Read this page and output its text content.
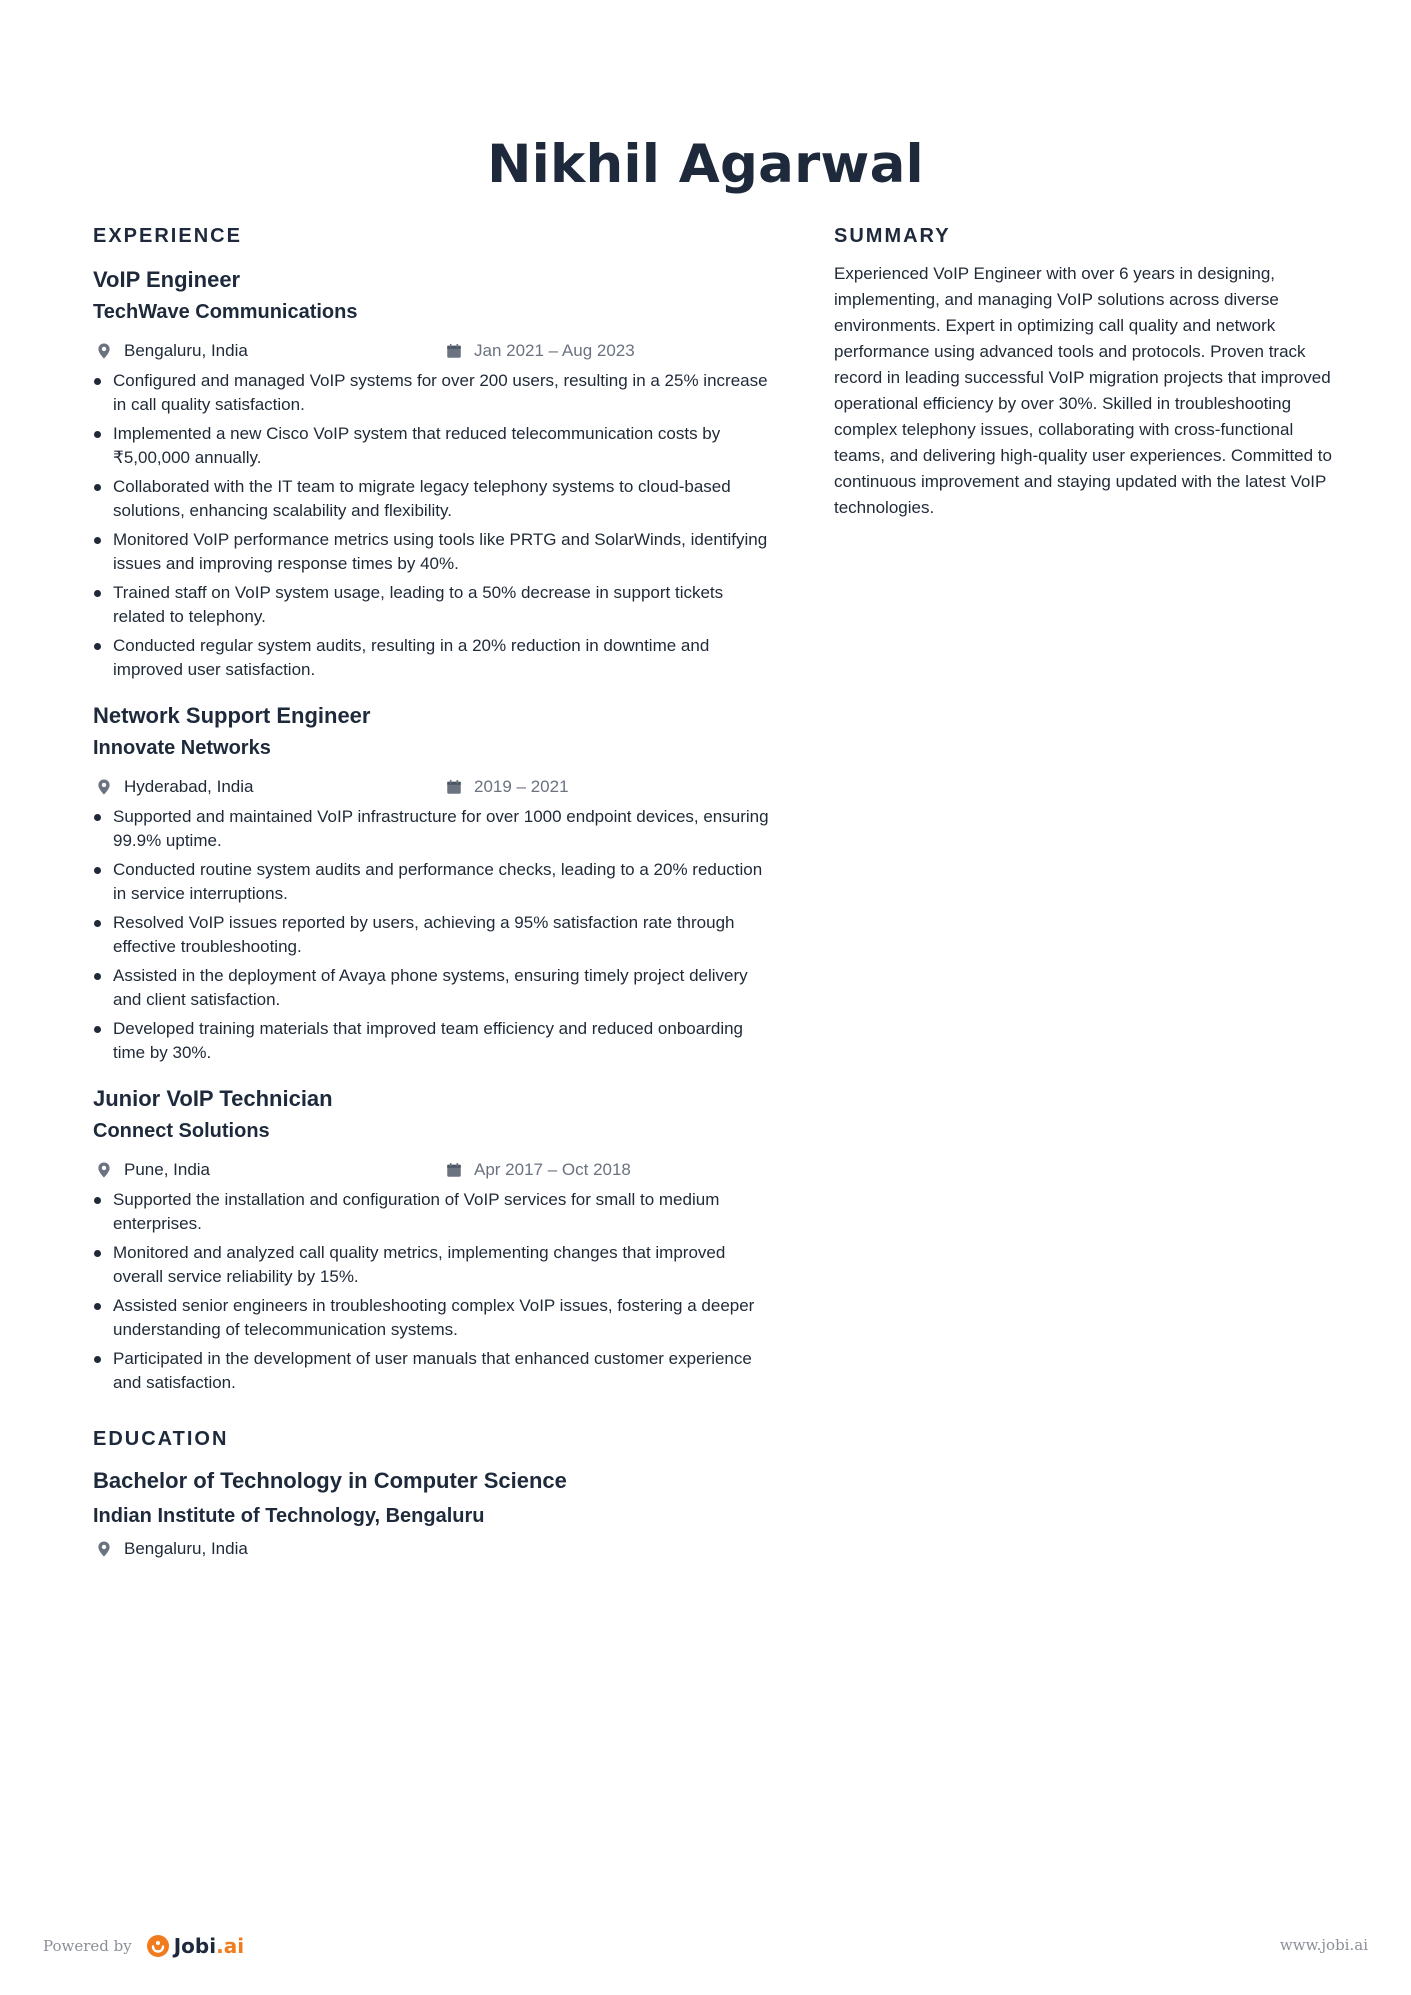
Nikhil Agarwal
EXPERIENCE
VoIP Engineer
TechWave Communications
Bengaluru, India	Jan 2021 – Aug 2023
Configured and managed VoIP systems for over 200 users, resulting in a 25% increase in call quality satisfaction.
Implemented a new Cisco VoIP system that reduced telecommunication costs by ₹5,00,000 annually.
Collaborated with the IT team to migrate legacy telephony systems to cloud-based solutions, enhancing scalability and flexibility.
Monitored VoIP performance metrics using tools like PRTG and SolarWinds, identifying issues and improving response times by 40%.
Trained staff on VoIP system usage, leading to a 50% decrease in support tickets related to telephony.
Conducted regular system audits, resulting in a 20% reduction in downtime and improved user satisfaction.
Network Support Engineer
Innovate Networks
Hyderabad, India	2019 – 2021
Supported and maintained VoIP infrastructure for over 1000 endpoint devices, ensuring 99.9% uptime.
Conducted routine system audits and performance checks, leading to a 20% reduction in service interruptions.
Resolved VoIP issues reported by users, achieving a 95% satisfaction rate through effective troubleshooting.
Assisted in the deployment of Avaya phone systems, ensuring timely project delivery and client satisfaction.
Developed training materials that improved team efficiency and reduced onboarding time by 30%.
Junior VoIP Technician
Connect Solutions
Pune, India	Apr 2017 – Oct 2018
Supported the installation and configuration of VoIP services for small to medium enterprises.
Monitored and analyzed call quality metrics, implementing changes that improved overall service reliability by 15%.
Assisted senior engineers in troubleshooting complex VoIP issues, fostering a deeper understanding of telecommunication systems.
Participated in the development of user manuals that enhanced customer experience and satisfaction.
EDUCATION
Bachelor of Technology in Computer Science
Indian Institute of Technology, Bengaluru
Bengaluru, India
SUMMARY
Experienced VoIP Engineer with over 6 years in designing, implementing, and managing VoIP solutions across diverse environments. Expert in optimizing call quality and network performance using advanced tools and protocols. Proven track record in leading successful VoIP migration projects that improved operational efficiency by over 30%. Skilled in troubleshooting complex telephony issues, collaborating with cross-functional teams, and delivering high-quality user experiences. Committed to continuous improvement and staying updated with the latest VoIP technologies.
Powered by Jobi .ai	www.jobi.ai
